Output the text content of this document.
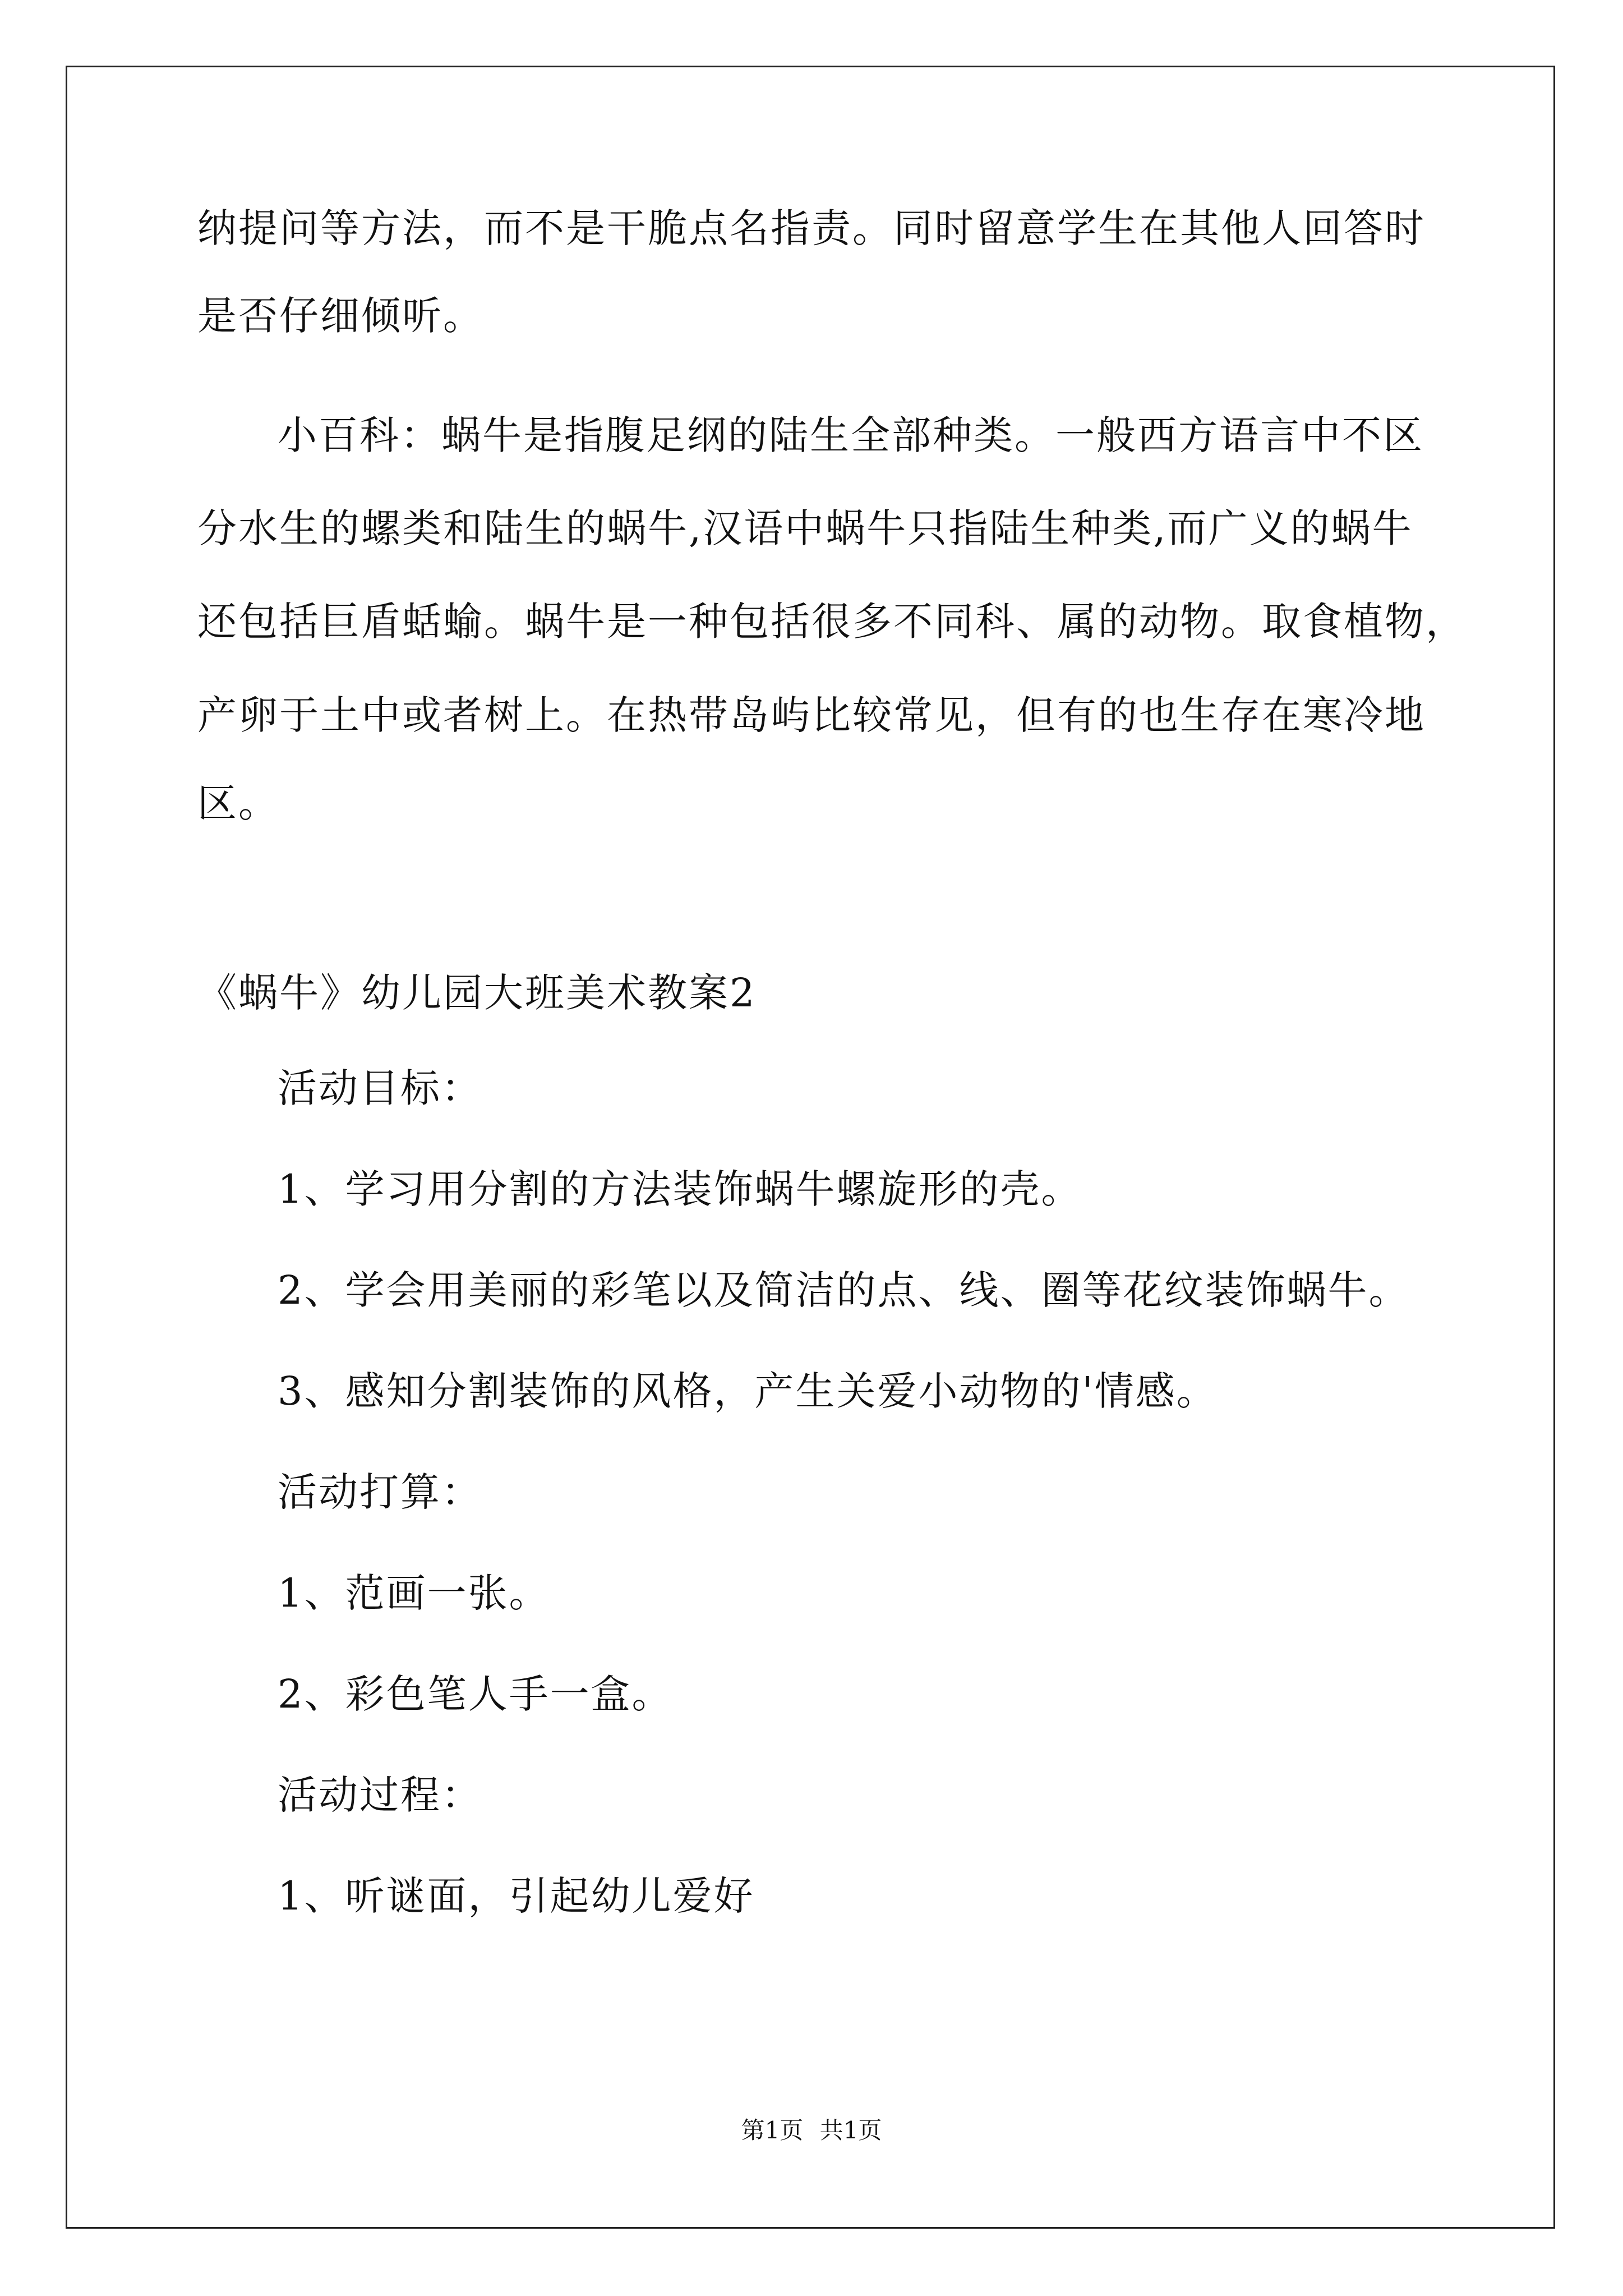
纳提问等方法，而不是干脆点名指责。同时留意学生在其他人回答时
是否仔细倾听。
小百科：蜗牛是指腹足纲的陆生全部种类。一般西方语言中不区
分水生的螺类和陆生的蜗牛,汉语中蜗牛只指陆生种类,而广义的蜗牛
还包括巨盾蛞蝓。蜗牛是一种包括很多不同科、属的动物。取食植物，
产卵于土中或者树上。在热带岛屿比较常见，但有的也生存在寒冷地
区。
《蜗牛》幼儿园大班美术教案2
活动目标：
1、学习用分割的方法装饰蜗牛螺旋形的壳。
2、学会用美丽的彩笔以及简洁的点、线、圈等花纹装饰蜗牛。
3、感知分割装饰的风格，产生关爱小动物的'情感。
活动打算：
1、范画一张。
2、彩色笔人手一盒。
活动过程：
1、听谜面，引起幼儿爱好
第1页 共1页
